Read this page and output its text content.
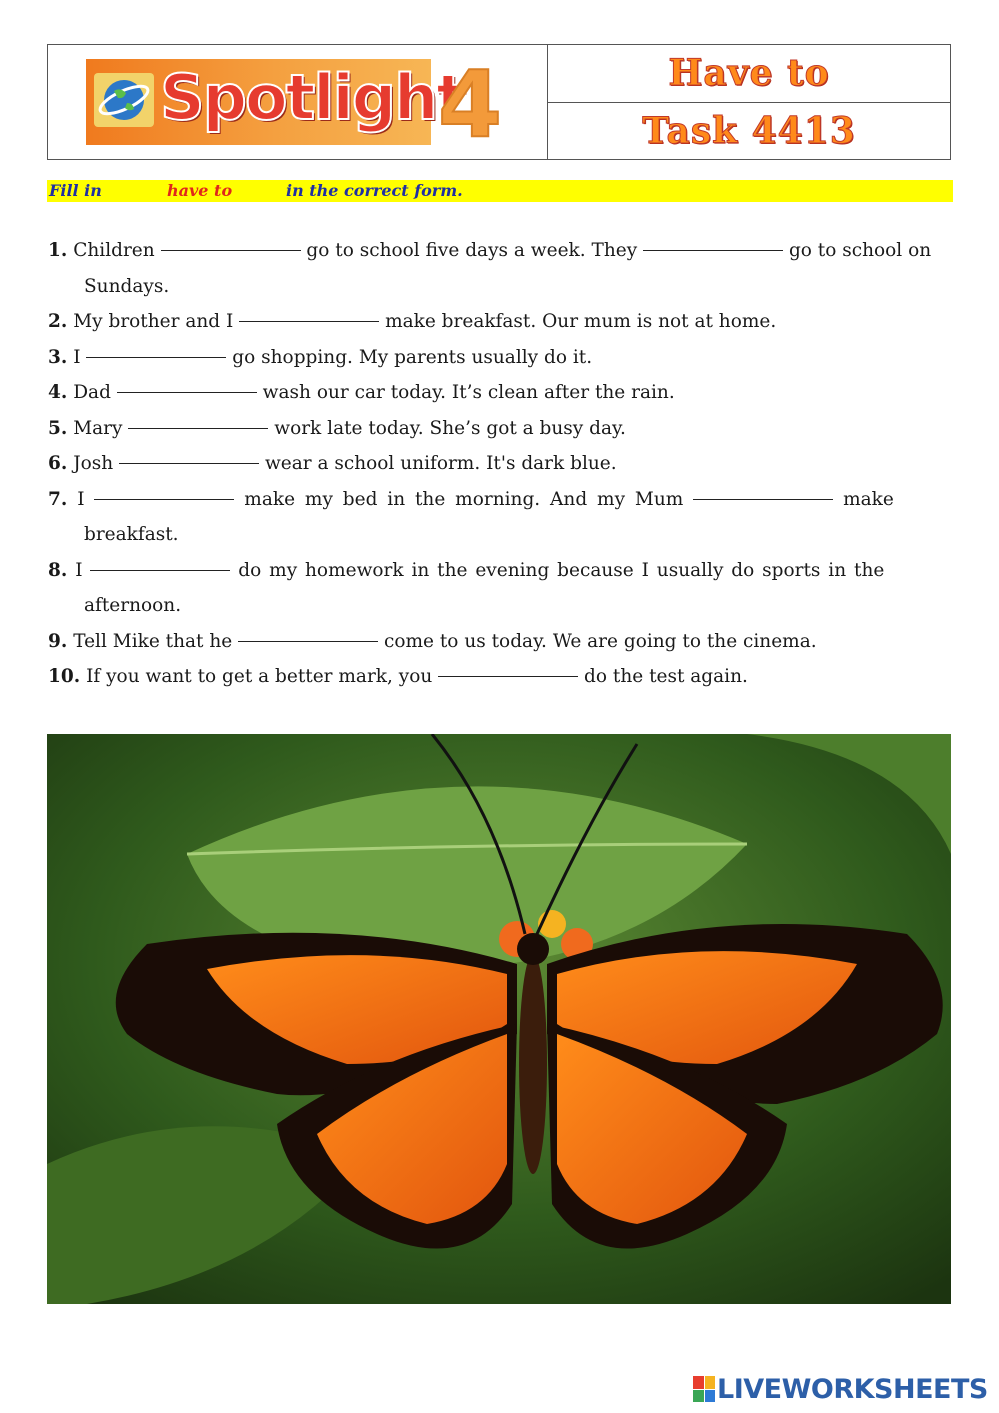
Spotlight
4	Have to
Task 4413
Fill in	have to	in the correct form.
1. Children	go to school five days a week. They	go to school on
Sundays.
2. My brother and I	make breakfast. Our mum is not at home.
3. I	go shopping. My parents usually do it.
4. Dad	wash our car today. It’s clean after the rain.
5. Mary	work late today. She’s got a busy day.
6. Josh	wear a school uniform. It's dark blue.
7. I	make my bed in the morning. And my Mum	make
breakfast.
8. I	do my homework in the evening because I usually do sports in the
afternoon.
9. Tell Mike that he	come to us today. We are going to the cinema.
10. If you want to get a better mark, you	do the test again.
LIVEWORKSHEETS
